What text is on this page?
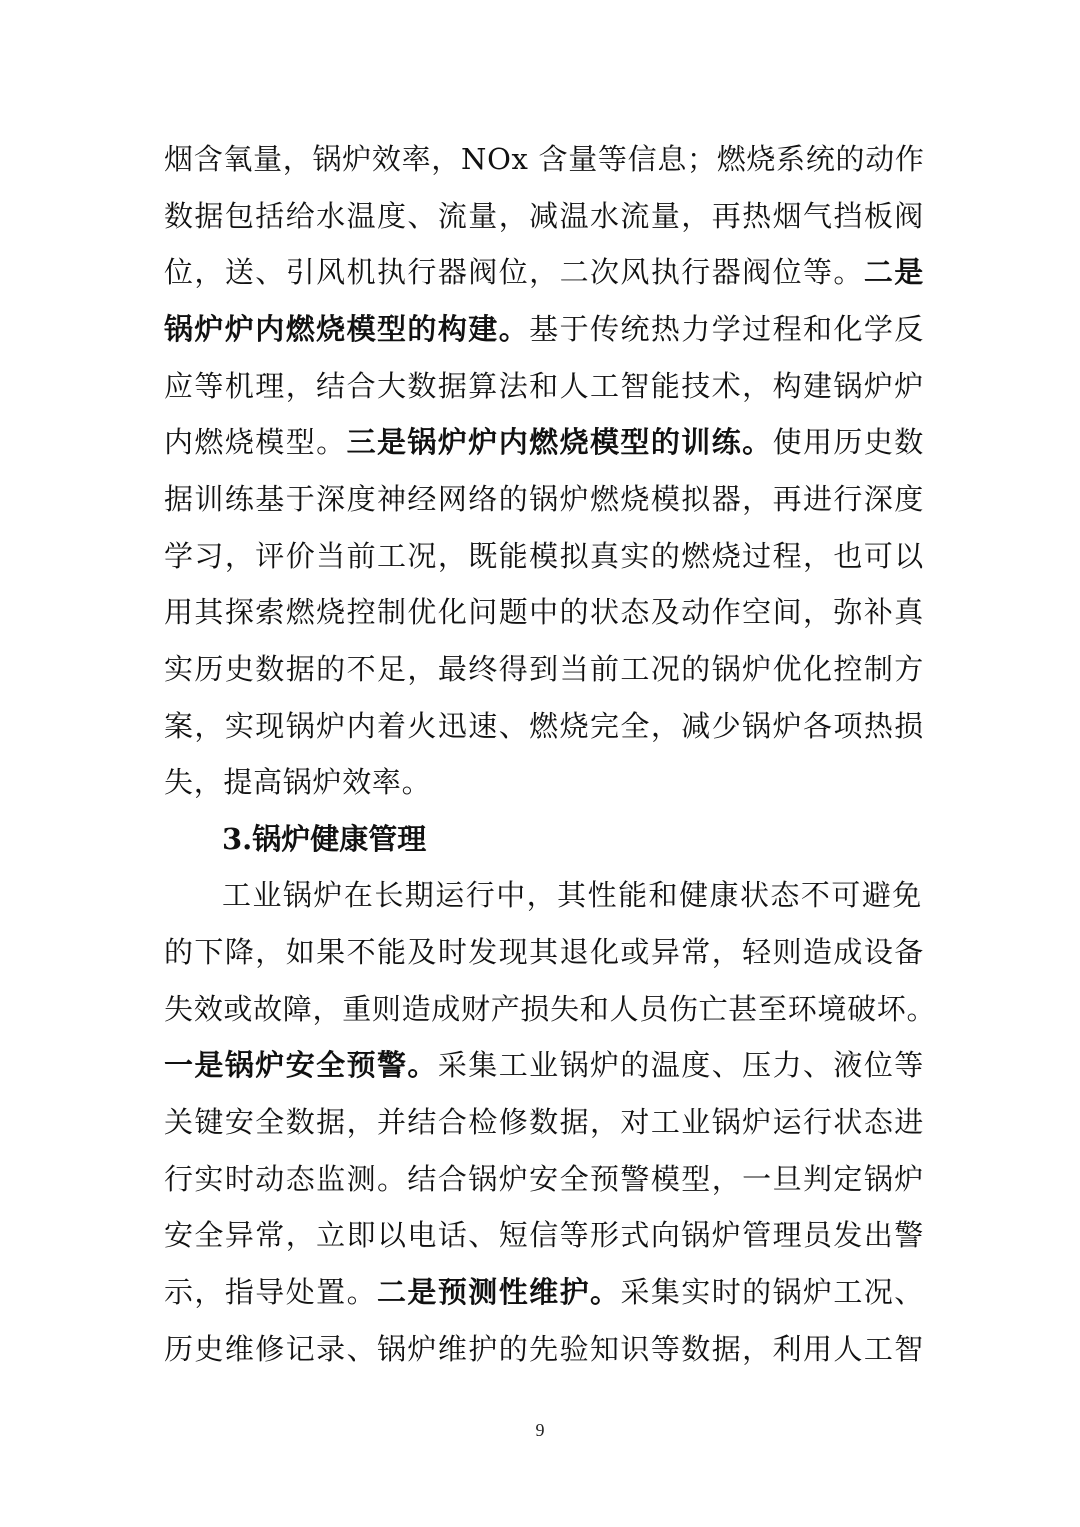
烟含氧量，锅炉效率，NOx 含量等信息；燃烧系统的动作
数据包括给水温度、流量，减温水流量，再热烟气挡板阀
位，送、引风机执行器阀位，二次风执行器阀位等。二是
锅炉炉内燃烧模型的构建。基于传统热力学过程和化学反
应等机理，结合大数据算法和人工智能技术，构建锅炉炉
内燃烧模型。三是锅炉炉内燃烧模型的训练。使用历史数
据训练基于深度神经网络的锅炉燃烧模拟器，再进行深度
学习，评价当前工况，既能模拟真实的燃烧过程，也可以
用其探索燃烧控制优化问题中的状态及动作空间，弥补真
实历史数据的不足，最终得到当前工况的锅炉优化控制方
案，实现锅炉内着火迅速、燃烧完全，减少锅炉各项热损
失，提高锅炉效率。
3.锅炉健康管理
工业锅炉在长期运行中，其性能和健康状态不可避免
的下降，如果不能及时发现其退化或异常，轻则造成设备
失效或故障，重则造成财产损失和人员伤亡甚至环境破坏。
一是锅炉安全预警。采集工业锅炉的温度、压力、液位等
关键安全数据，并结合检修数据，对工业锅炉运行状态进
行实时动态监测。结合锅炉安全预警模型，一旦判定锅炉
安全异常，立即以电话、短信等形式向锅炉管理员发出警
示，指导处置。二是预测性维护。采集实时的锅炉工况、
历史维修记录、锅炉维护的先验知识等数据，利用人工智
9
